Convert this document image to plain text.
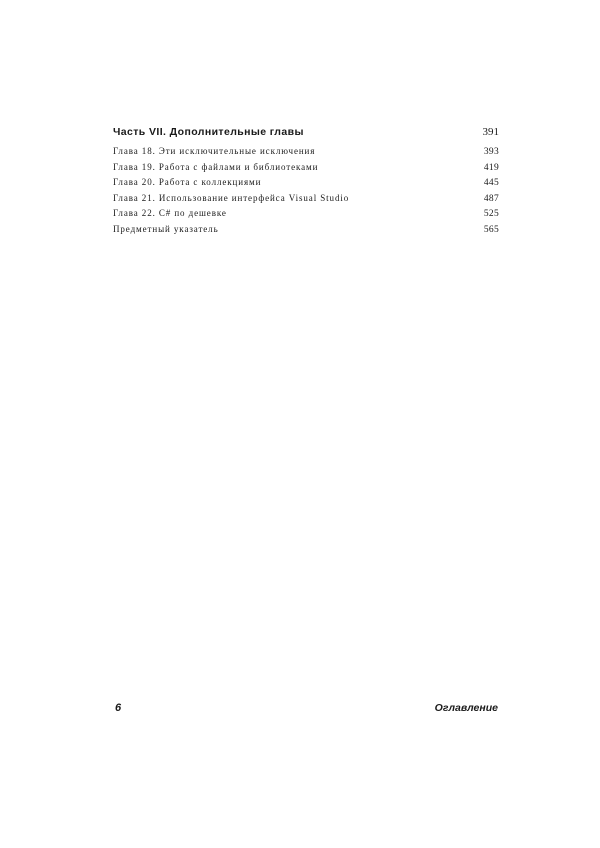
Часть VII. Дополнительные главы	391
Глава 18. Эти исключительные исключения	393
Глава 19. Работа с файлами и библиотеками	419
Глава 20. Работа с коллекциями	445
Глава 21. Использование интерфейса Visual Studio	487
Глава 22. C# по дешевке	525
Предметный указатель	565
6	Оглавление
